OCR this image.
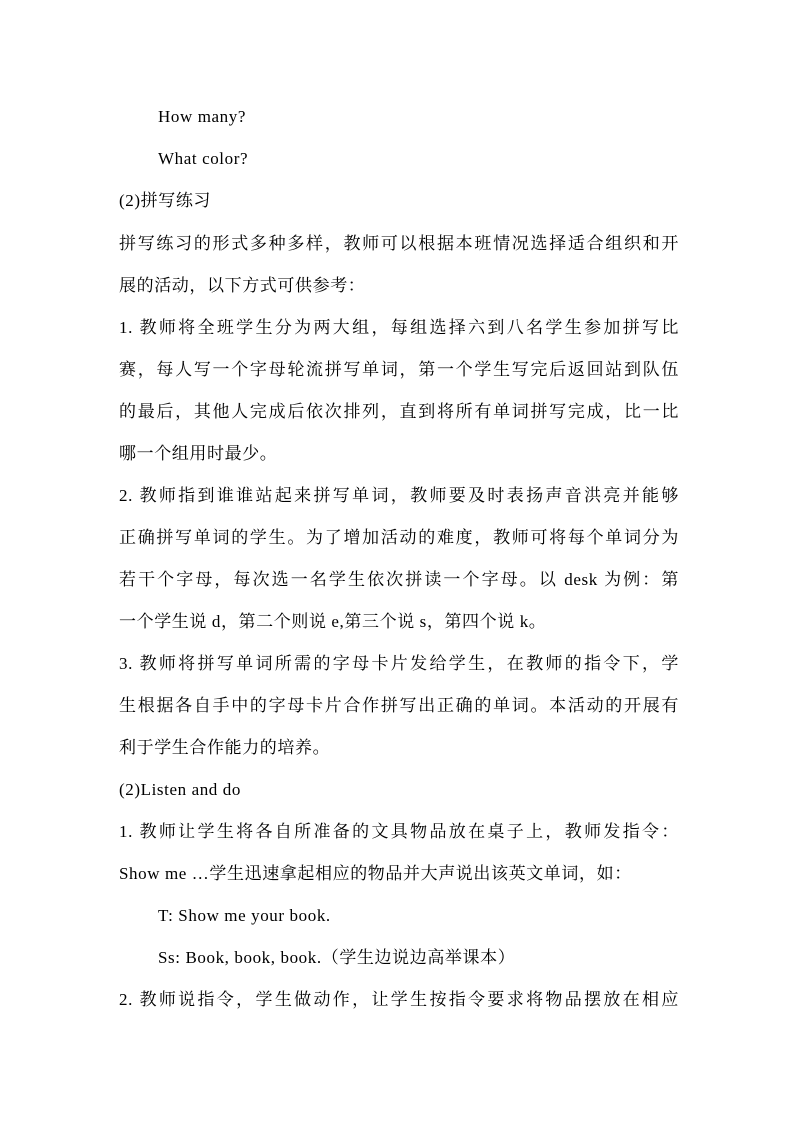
How many?
What color?
(2)拼写练习
拼写练习的形式多种多样，教师可以根据本班情况选择适合组织和开
展的活动，以下方式可供参考：
1. 教师将全班学生分为两大组，每组选择六到八名学生参加拼写比
赛，每人写一个字母轮流拼写单词，第一个学生写完后返回站到队伍
的最后，其他人完成后依次排列，直到将所有单词拼写完成，比一比
哪一个组用时最少。
2. 教师指到谁谁站起来拼写单词，教师要及时表扬声音洪亮并能够
正确拼写单词的学生。为了增加活动的难度，教师可将每个单词分为
若干个字母，每次选一名学生依次拼读一个字母。以 desk 为例：第
一个学生说 d，第二个则说 e,第三个说 s，第四个说 k。
3. 教师将拼写单词所需的字母卡片发给学生，在教师的指令下，学
生根据各自手中的字母卡片合作拼写出正确的单词。本活动的开展有
利于学生合作能力的培养。
(2)Listen and do
1. 教师让学生将各自所准备的文具物品放在桌子上，教师发指令：
Show me …学生迅速拿起相应的物品并大声说出该英文单词，如：
T: Show me your book.
Ss: Book, book, book.（学生边说边高举课本）
2. 教师说指令，学生做动作，让学生按指令要求将物品摆放在相应
